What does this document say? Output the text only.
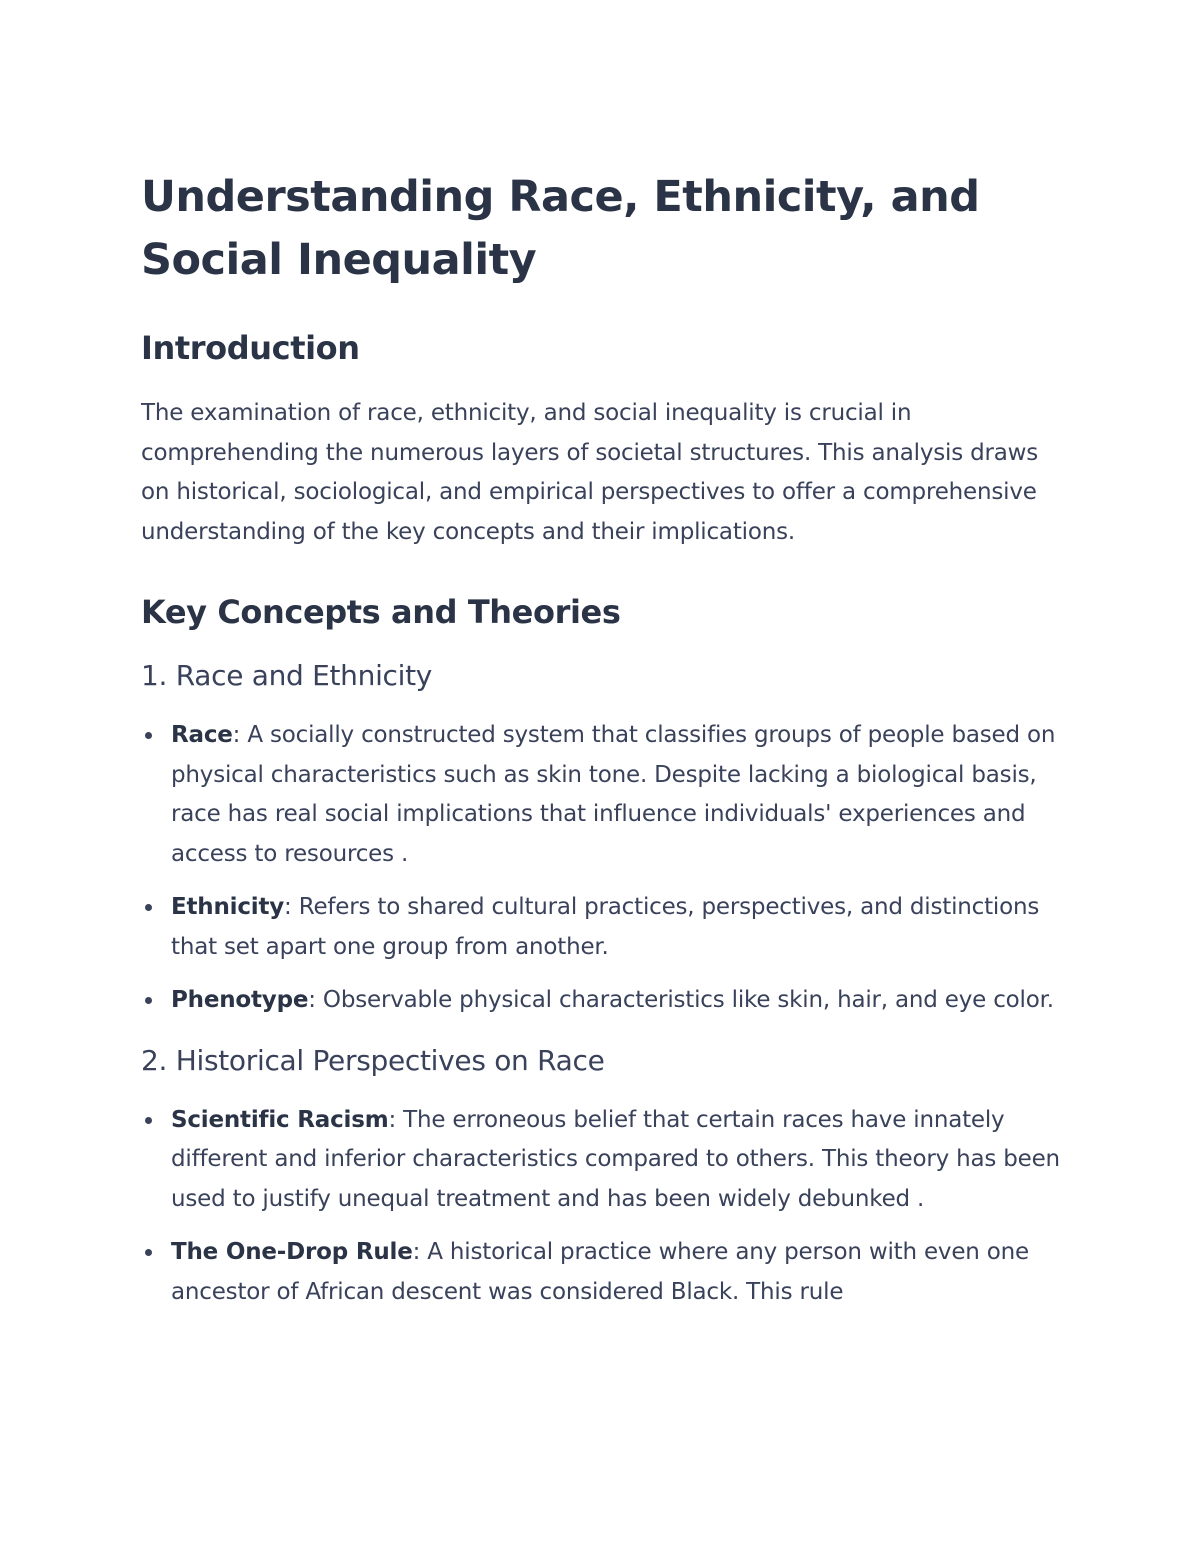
Understanding Race, Ethnicity, and Social Inequality
Introduction

The examination of race, ethnicity, and social inequality is crucial in comprehending the numerous layers of societal structures. This analysis draws on historical, sociological, and empirical perspectives to offer a comprehensive understanding of the key concepts and their implications.

Key Concepts and Theories
1. Race and Ethnicity
Race: A socially constructed system that classifies groups of people based on physical characteristics such as skin tone. Despite lacking a biological basis, race has real social implications that influence individuals' experiences and access to resources .
Ethnicity: Refers to shared cultural practices, perspectives, and distinctions that set apart one group from another.
Phenotype: Observable physical characteristics like skin, hair, and eye color.
2. Historical Perspectives on Race
Scientific Racism: The erroneous belief that certain races have innately different and inferior characteristics compared to others. This theory has been used to justify unequal treatment and has been widely debunked .
The One-Drop Rule: A historical practice where any person with even one ancestor of African descent was considered Black. This rule
